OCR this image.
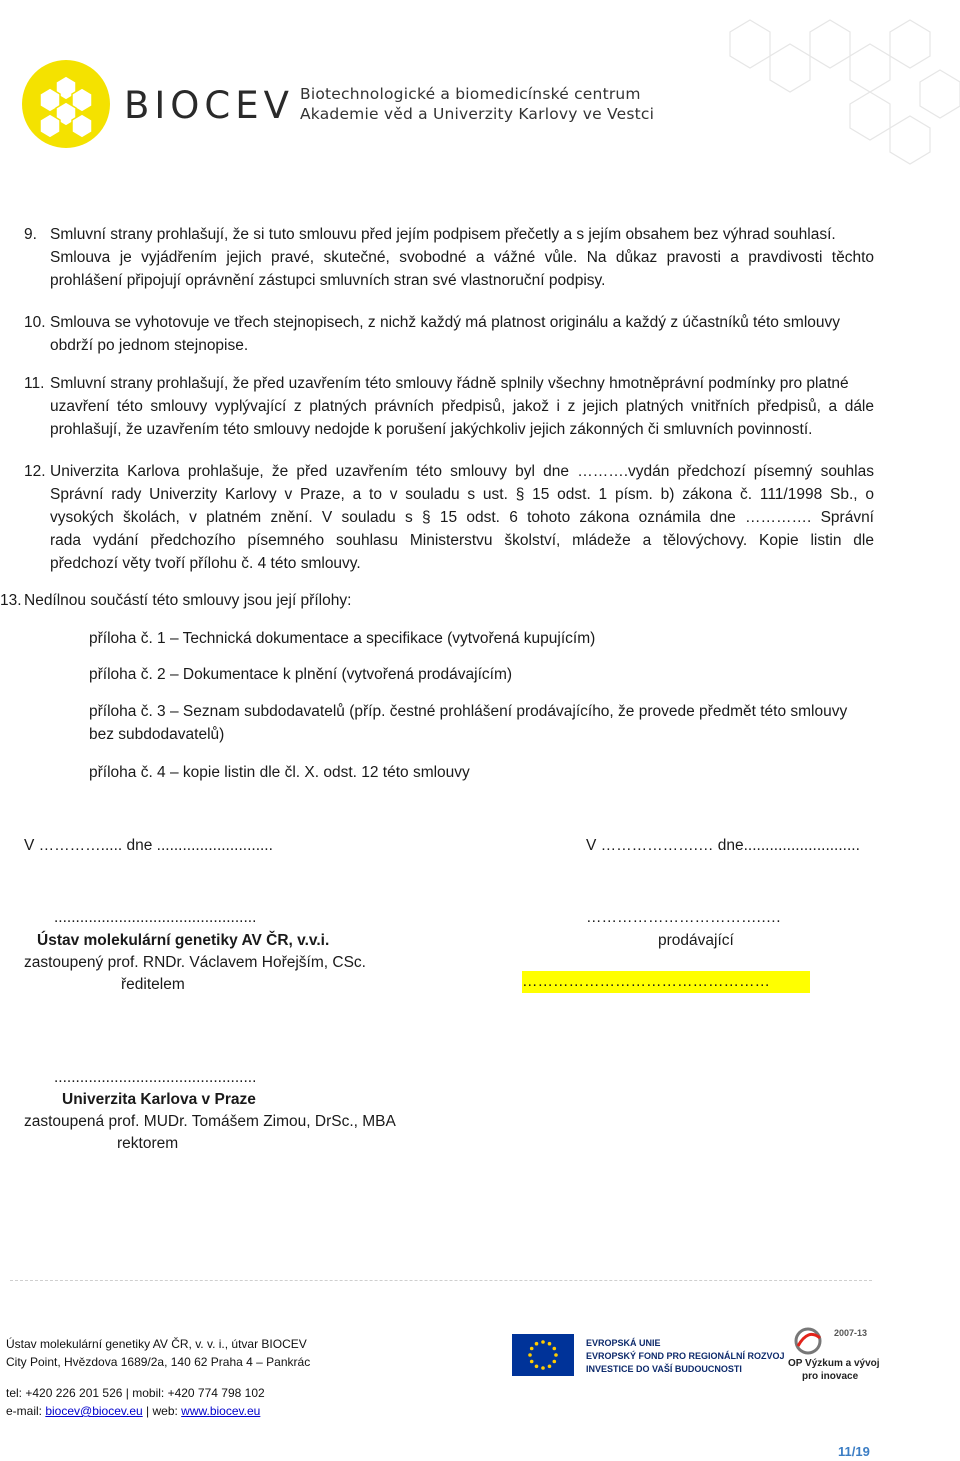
BIOCEV Biotechnologické a biomedicínské centrum
Akademie věd a Univerzity Karlovy ve Vestci
9. Smluvní strany prohlašují, že si tuto smlouvu před jejím podpisem přečetly a s jejím obsahem bez výhrad souhlasí.
Smlouva je vyjádřením jejich pravé, skutečné, svobodné a vážné vůle. Na důkaz pravosti a pravdivosti těchto
prohlášení připojují oprávnění zástupci smluvních stran své vlastnoruční podpisy.
10. Smlouva se vyhotovuje ve třech stejnopisech, z nichž každý má platnost originálu a každý z účastníků této smlouvy
obdrží po jednom stejnopise.
11. Smluvní strany prohlašují, že před uzavřením této smlouvy řádně splnily všechny hmotněprávní podmínky pro platné
uzavření této smlouvy vyplývající z platných právních předpisů, jakož i z jejich platných vnitřních předpisů, a dále
prohlašují, že uzavřením této smlouvy nedojde k porušení jakýchkoliv jejich zákonných či smluvních povinností.
12. Univerzita Karlova prohlašuje, že před uzavřením této smlouvy byl dne ……….vydán předchozí písemný souhlas
Správní rady Univerzity Karlovy v Praze, a to v souladu s ust. § 15 odst. 1 písm. b) zákona č. 111/1998 Sb., o
vysokých školách, v platném znění. V souladu s § 15 odst. 6 tohoto zákona oznámila dne …………. Správní
rada vydání předchozího písemného souhlasu Ministerstvu školství, mládeže a tělovýchovy. Kopie listin dle
předchozí věty tvoří přílohu č. 4 této smlouvy.
13. Nedílnou součástí této smlouvy jsou její přílohy:
příloha č. 1 – Technická dokumentace a specifikace (vytvořená kupujícím)
příloha č. 2 – Dokumentace k plnění (vytvořená prodávajícím)
příloha č. 3 – Seznam subdodavatelů (příp. čestné prohlášení prodávajícího, že provede předmět této smlouvy
bez subdodavatelů)
příloha č. 4 – kopie listin dle čl. X. odst. 12 této smlouvy
V …………..... dne ...........................	V ……………….… dne...........................
...............................................
Ústav molekulární genetiky AV ČR, v.v.i.
zastoupený prof. RNDr. Václavem Hořejším, CSc.
ředitelem
…………………………….….
prodávající
…………………………………………
...............................................
Univerzita Karlova v Praze
zastoupená prof. MUDr. Tomášem Zimou, DrSc., MBA
rektorem
Ústav molekulární genetiky AV ČR, v. v. i., útvar BIOCEV
City Point, Hvězdova 1689/2a, 140 62 Praha 4 – Pankrác
tel: +420 226 201 526 | mobil: +420 774 798 102
e-mail: biocev@biocev.eu | web: www.biocev.eu
EVROPSKÁ UNIE
EVROPSKÝ FOND PRO REGIONÁLNÍ ROZVOJ
INVESTICE DO VAŠÍ BUDOUCNOSTI
2007-13
OP Výzkum a vývoj
pro inovace
11/19
